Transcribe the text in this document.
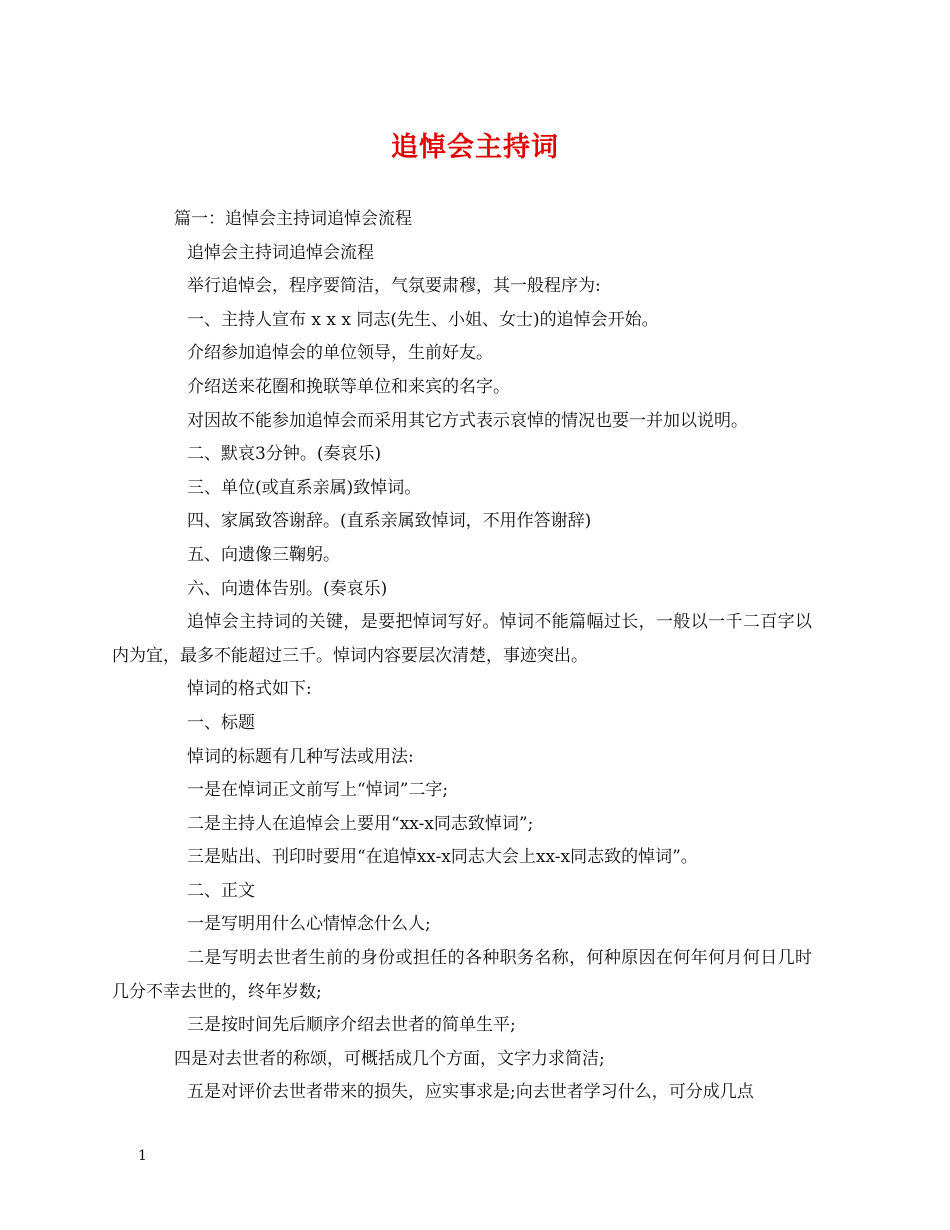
追悼会主持词

篇一：追悼会主持词追悼会流程

追悼会主持词追悼会流程

举行追悼会，程序要简洁，气氛要肃穆，其一般程序为:

一、主持人宣布 x x x 同志(先生、小姐、女士)的追悼会开始。

介绍参加追悼会的单位领导，生前好友。

介绍送来花圈和挽联等单位和来宾的名字。

对因故不能参加追悼会而采用其它方式表示哀悼的情况也要一并加以说明。

二、默哀3分钟。(奏哀乐)

三、单位(或直系亲属)致悼词。

四、家属致答谢辞。(直系亲属致悼词，不用作答谢辞)

五、向遗像三鞠躬。

六、向遗体告别。(奏哀乐)

追悼会主持词的关键，是要把悼词写好。悼词不能篇幅过长，一般以一千二百字以内为宜，最多不能超过三千。悼词内容要层次清楚，事迹突出。

悼词的格式如下:

一、标题

悼词的标题有几种写法或用法:

一是在悼词正文前写上“悼词”二字;

二是主持人在追悼会上要用“xx-x同志致悼词”;

三是贴出、刊印时要用“在追悼xx-x同志大会上xx-x同志致的悼词”。

二、正文

一是写明用什么心情悼念什么人;

二是写明去世者生前的身份或担任的各种职务名称，何种原因在何年何月何日几时几分不幸去世的，终年岁数;

三是按时间先后顺序介绍去世者的简单生平;

四是对去世者的称颂，可概括成几个方面，文字力求简洁;

五是对评价去世者带来的损失，应实事求是;向去世者学习什么，可分成几点

1
